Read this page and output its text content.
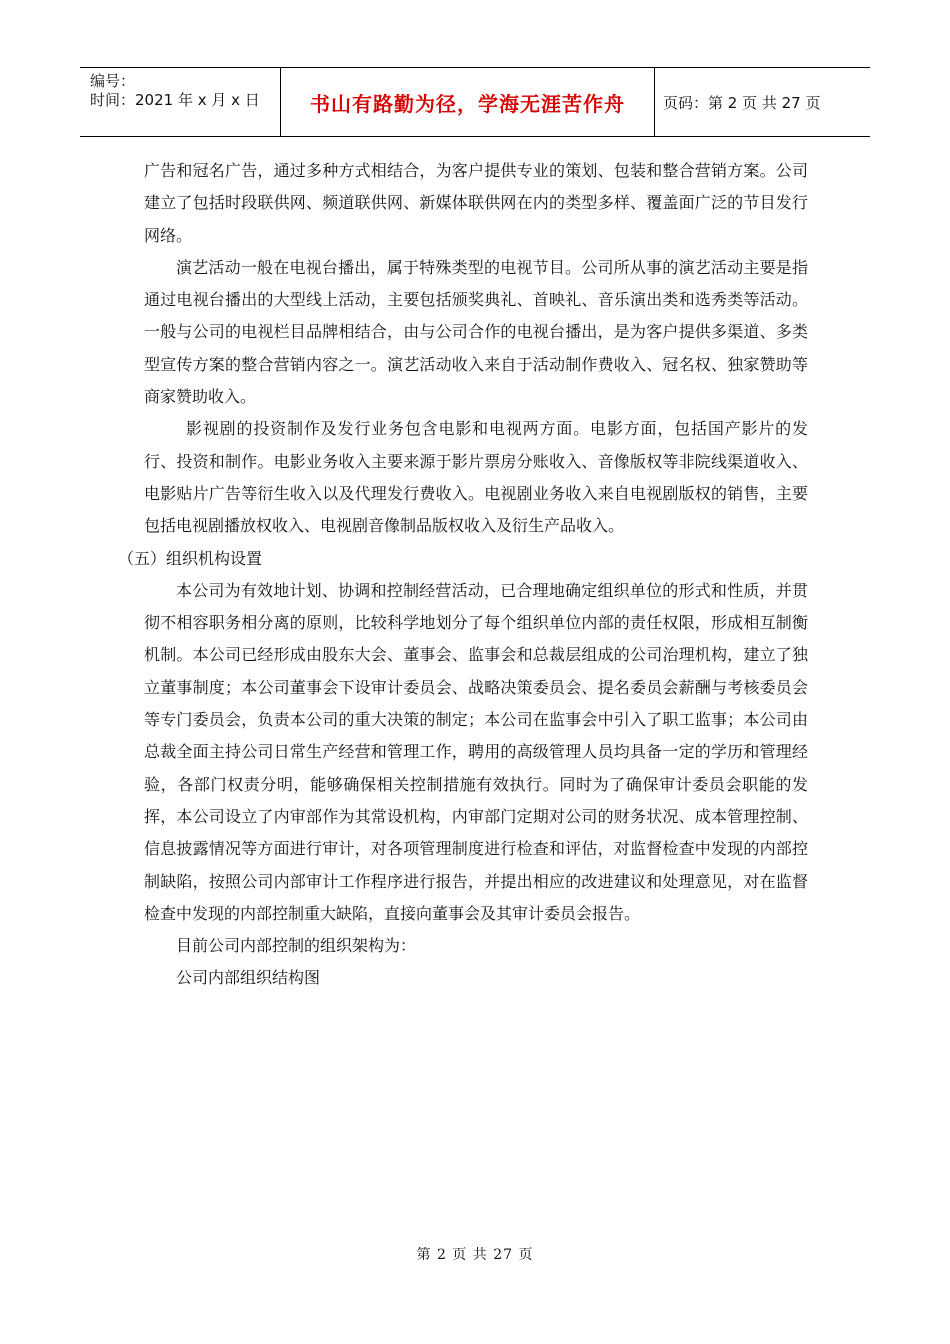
编号：
时间：2021 年 x 月 x 日	书山有路勤为径，学海无涯苦作舟	页码：第 2 页 共 27 页

广告和冠名广告，通过多种方式相结合，为客户提供专业的策划、包装和整合营销方案。公司建立了包括时段联供网、频道联供网、新媒体联供网在内的类型多样、覆盖面广泛的节目发行网络。

演艺活动一般在电视台播出，属于特殊类型的电视节目。公司所从事的演艺活动主要是指通过电视台播出的大型线上活动，主要包括颁奖典礼、首映礼、音乐演出类和选秀类等活动。一般与公司的电视栏目品牌相结合，由与公司合作的电视台播出，是为客户提供多渠道、多类型宣传方案的整合营销内容之一。演艺活动收入来自于活动制作费收入、冠名权、独家赞助等商家赞助收入。

影视剧的投资制作及发行业务包含电影和电视两方面。电影方面，包括国产影片的发行、投资和制作。电影业务收入主要来源于影片票房分账收入、音像版权等非院线渠道收入、电影贴片广告等衍生收入以及代理发行费收入。电视剧业务收入来自电视剧版权的销售，主要包括电视剧播放权收入、电视剧音像制品版权收入及衍生产品收入。

（五）组织机构设置

本公司为有效地计划、协调和控制经营活动，已合理地确定组织单位的形式和性质，并贯彻不相容职务相分离的原则，比较科学地划分了每个组织单位内部的责任权限，形成相互制衡机制。本公司已经形成由股东大会、董事会、监事会和总裁层组成的公司治理机构，建立了独立董事制度；本公司董事会下设审计委员会、战略决策委员会、提名委员会薪酬与考核委员会等专门委员会，负责本公司的重大决策的制定；本公司在监事会中引入了职工监事；本公司由总裁全面主持公司日常生产经营和管理工作，聘用的高级管理人员均具备一定的学历和管理经验，各部门权责分明，能够确保相关控制措施有效执行。同时为了确保审计委员会职能的发挥，本公司设立了内审部作为其常设机构，内审部门定期对公司的财务状况、成本管理控制、信息披露情况等方面进行审计，对各项管理制度进行检查和评估，对监督检查中发现的内部控制缺陷，按照公司内部审计工作程序进行报告，并提出相应的改进建议和处理意见，对在监督检查中发现的内部控制重大缺陷，直接向董事会及其审计委员会报告。

目前公司内部控制的组织架构为：

公司内部组织结构图

第 2 页 共 27 页
